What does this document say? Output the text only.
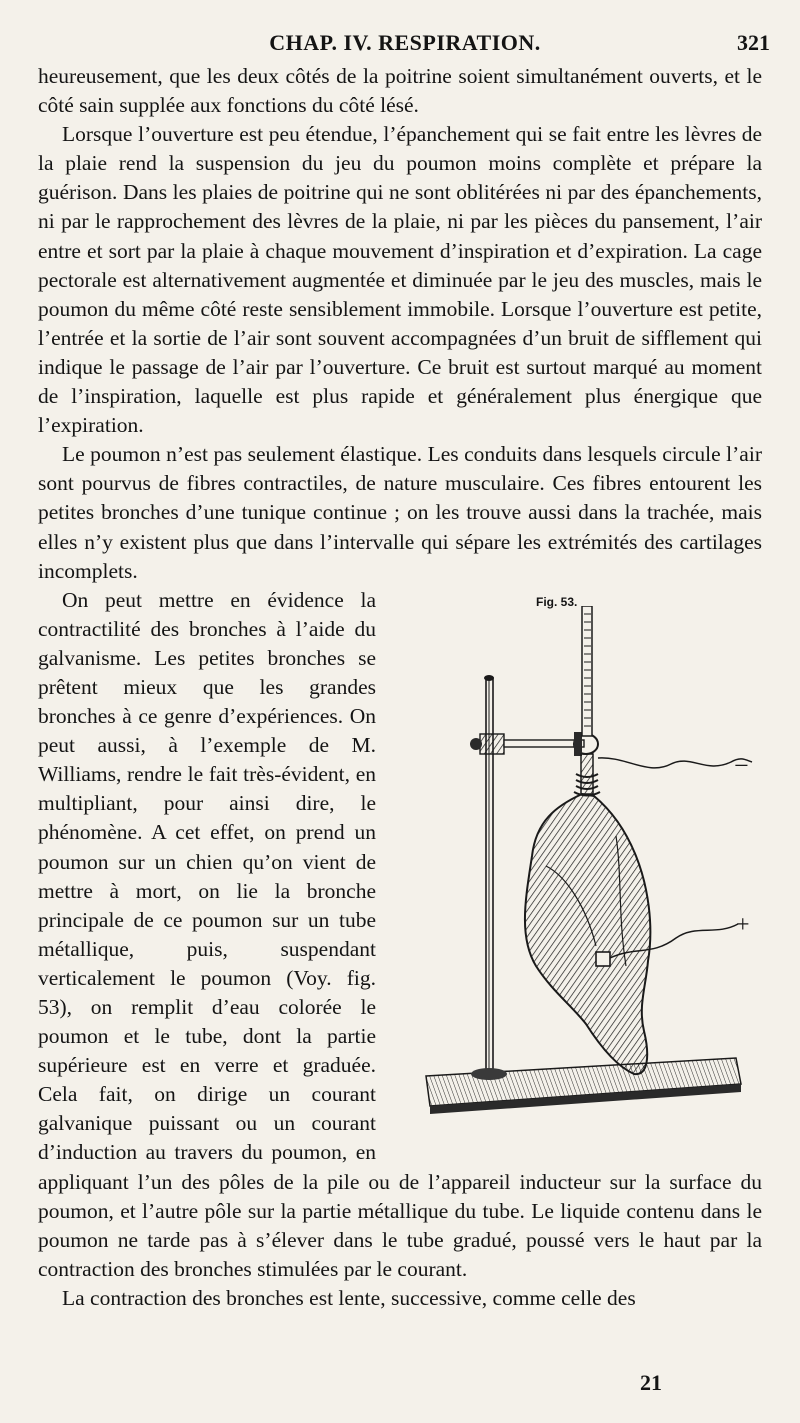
CHAP. IV. RESPIRATION.	321

heureusement, que les deux côtés de la poitrine soient simultanément ouverts, et le côté sain supplée aux fonctions du côté lésé.

Lorsque l’ouverture est peu étendue, l’épanchement qui se fait entre les lèvres de la plaie rend la suspension du jeu du poumon moins complète et prépare la guérison. Dans les plaies de poitrine qui ne sont oblitérées ni par des épanchements, ni par le rapprochement des lèvres de la plaie, ni par les pièces du pansement, l’air entre et sort par la plaie à chaque mouvement d’inspiration et d’expiration. La cage pectorale est alternativement augmentée et diminuée par le jeu des muscles, mais le poumon du même côté reste sensiblement immobile. Lorsque l’ouverture est petite, l’entrée et la sortie de l’air sont souvent accompagnées d’un bruit de sifflement qui indique le passage de l’air par l’ouverture. Ce bruit est surtout marqué au moment de l’inspiration, laquelle est plus rapide et généralement plus énergique que l’expiration.

Le poumon n’est pas seulement élastique. Les conduits dans lesquels circule l’air sont pourvus de fibres contractiles, de nature musculaire. Ces fibres entourent les petites bronches d’une tunique continue ; on les trouve aussi dans la trachée, mais elles n’y existent plus que dans l’intervalle qui sépare les extrémités des cartilages incomplets.

Fig. 53.
−
+

On peut mettre en évidence la contractilité des bronches à l’aide du galvanisme. Les petites bronches se prêtent mieux que les grandes bronches à ce genre d’expériences. On peut aussi, à l’exemple de M. Williams, rendre le fait très-évident, en multipliant, pour ainsi dire, le phénomène. A cet effet, on prend un poumon sur un chien qu’on vient de mettre à mort, on lie la bronche principale de ce poumon sur un tube métallique, puis, suspendant verticalement le poumon (Voy. fig. 53), on remplit d’eau colorée le poumon et le tube, dont la partie supérieure est en verre et graduée. Cela fait, on dirige un courant galvanique puissant ou un courant d’induction au travers du poumon, en appliquant l’un des pôles de la pile ou de l’appareil inducteur sur la surface du poumon, et l’autre pôle sur la partie métallique du tube. Le liquide contenu dans le poumon ne tarde pas à s’élever dans le tube gradué, poussé vers le haut par la contraction des bronches stimulées par le courant.

La contraction des bronches est lente, successive, comme celle des

21
